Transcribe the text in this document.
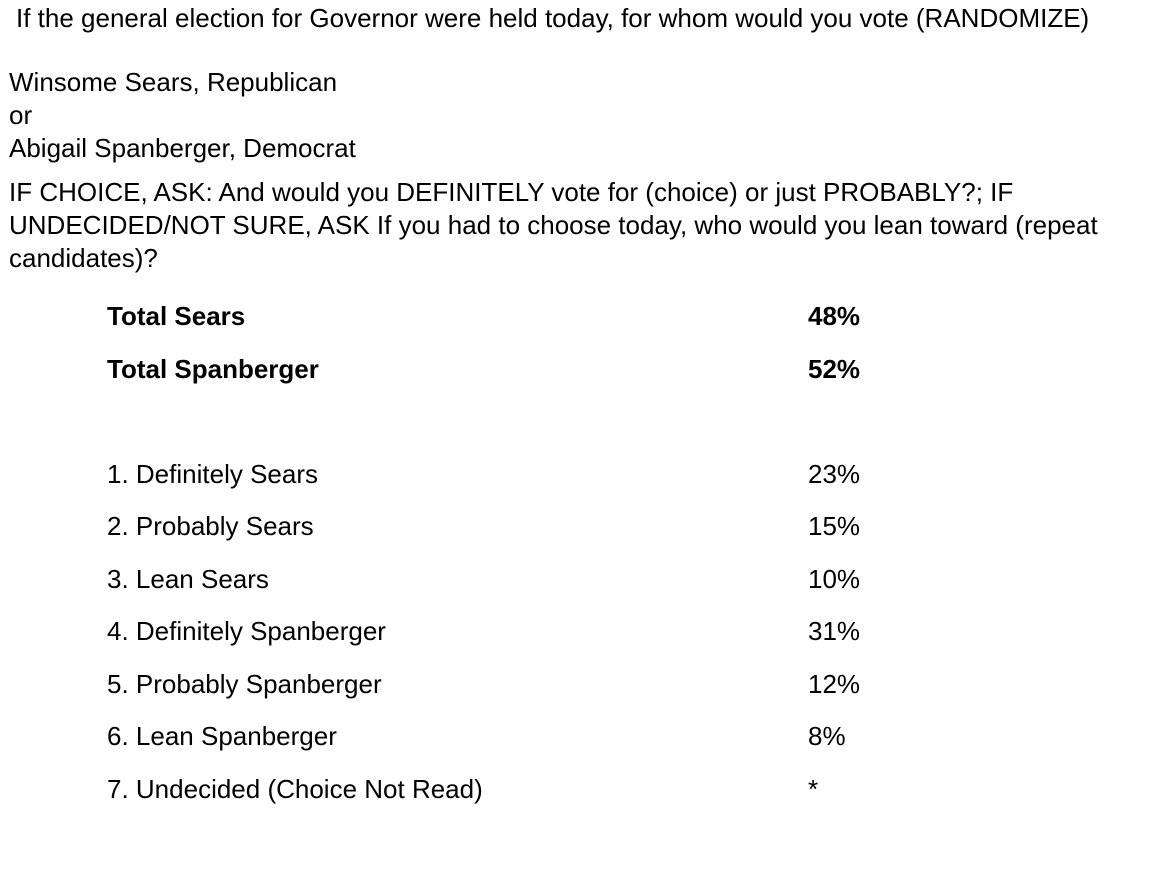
If the general election for Governor were held today, for whom would you vote (RANDOMIZE)
Winsome Sears, Republican
or
Abigail Spanberger, Democrat
IF CHOICE, ASK: And would you DEFINITELY vote for (choice) or just PROBABLY?; IF UNDECIDED/NOT SURE, ASK If you had to choose today, who would you lean toward (repeat candidates)?
Total Sears	48%
Total Spanberger	52%
1. Definitely Sears	23%
2. Probably Sears	15%
3. Lean Sears	10%
4. Definitely Spanberger	31%
5. Probably Spanberger	12%
6. Lean Spanberger	8%
7. Undecided (Choice Not Read)	*
